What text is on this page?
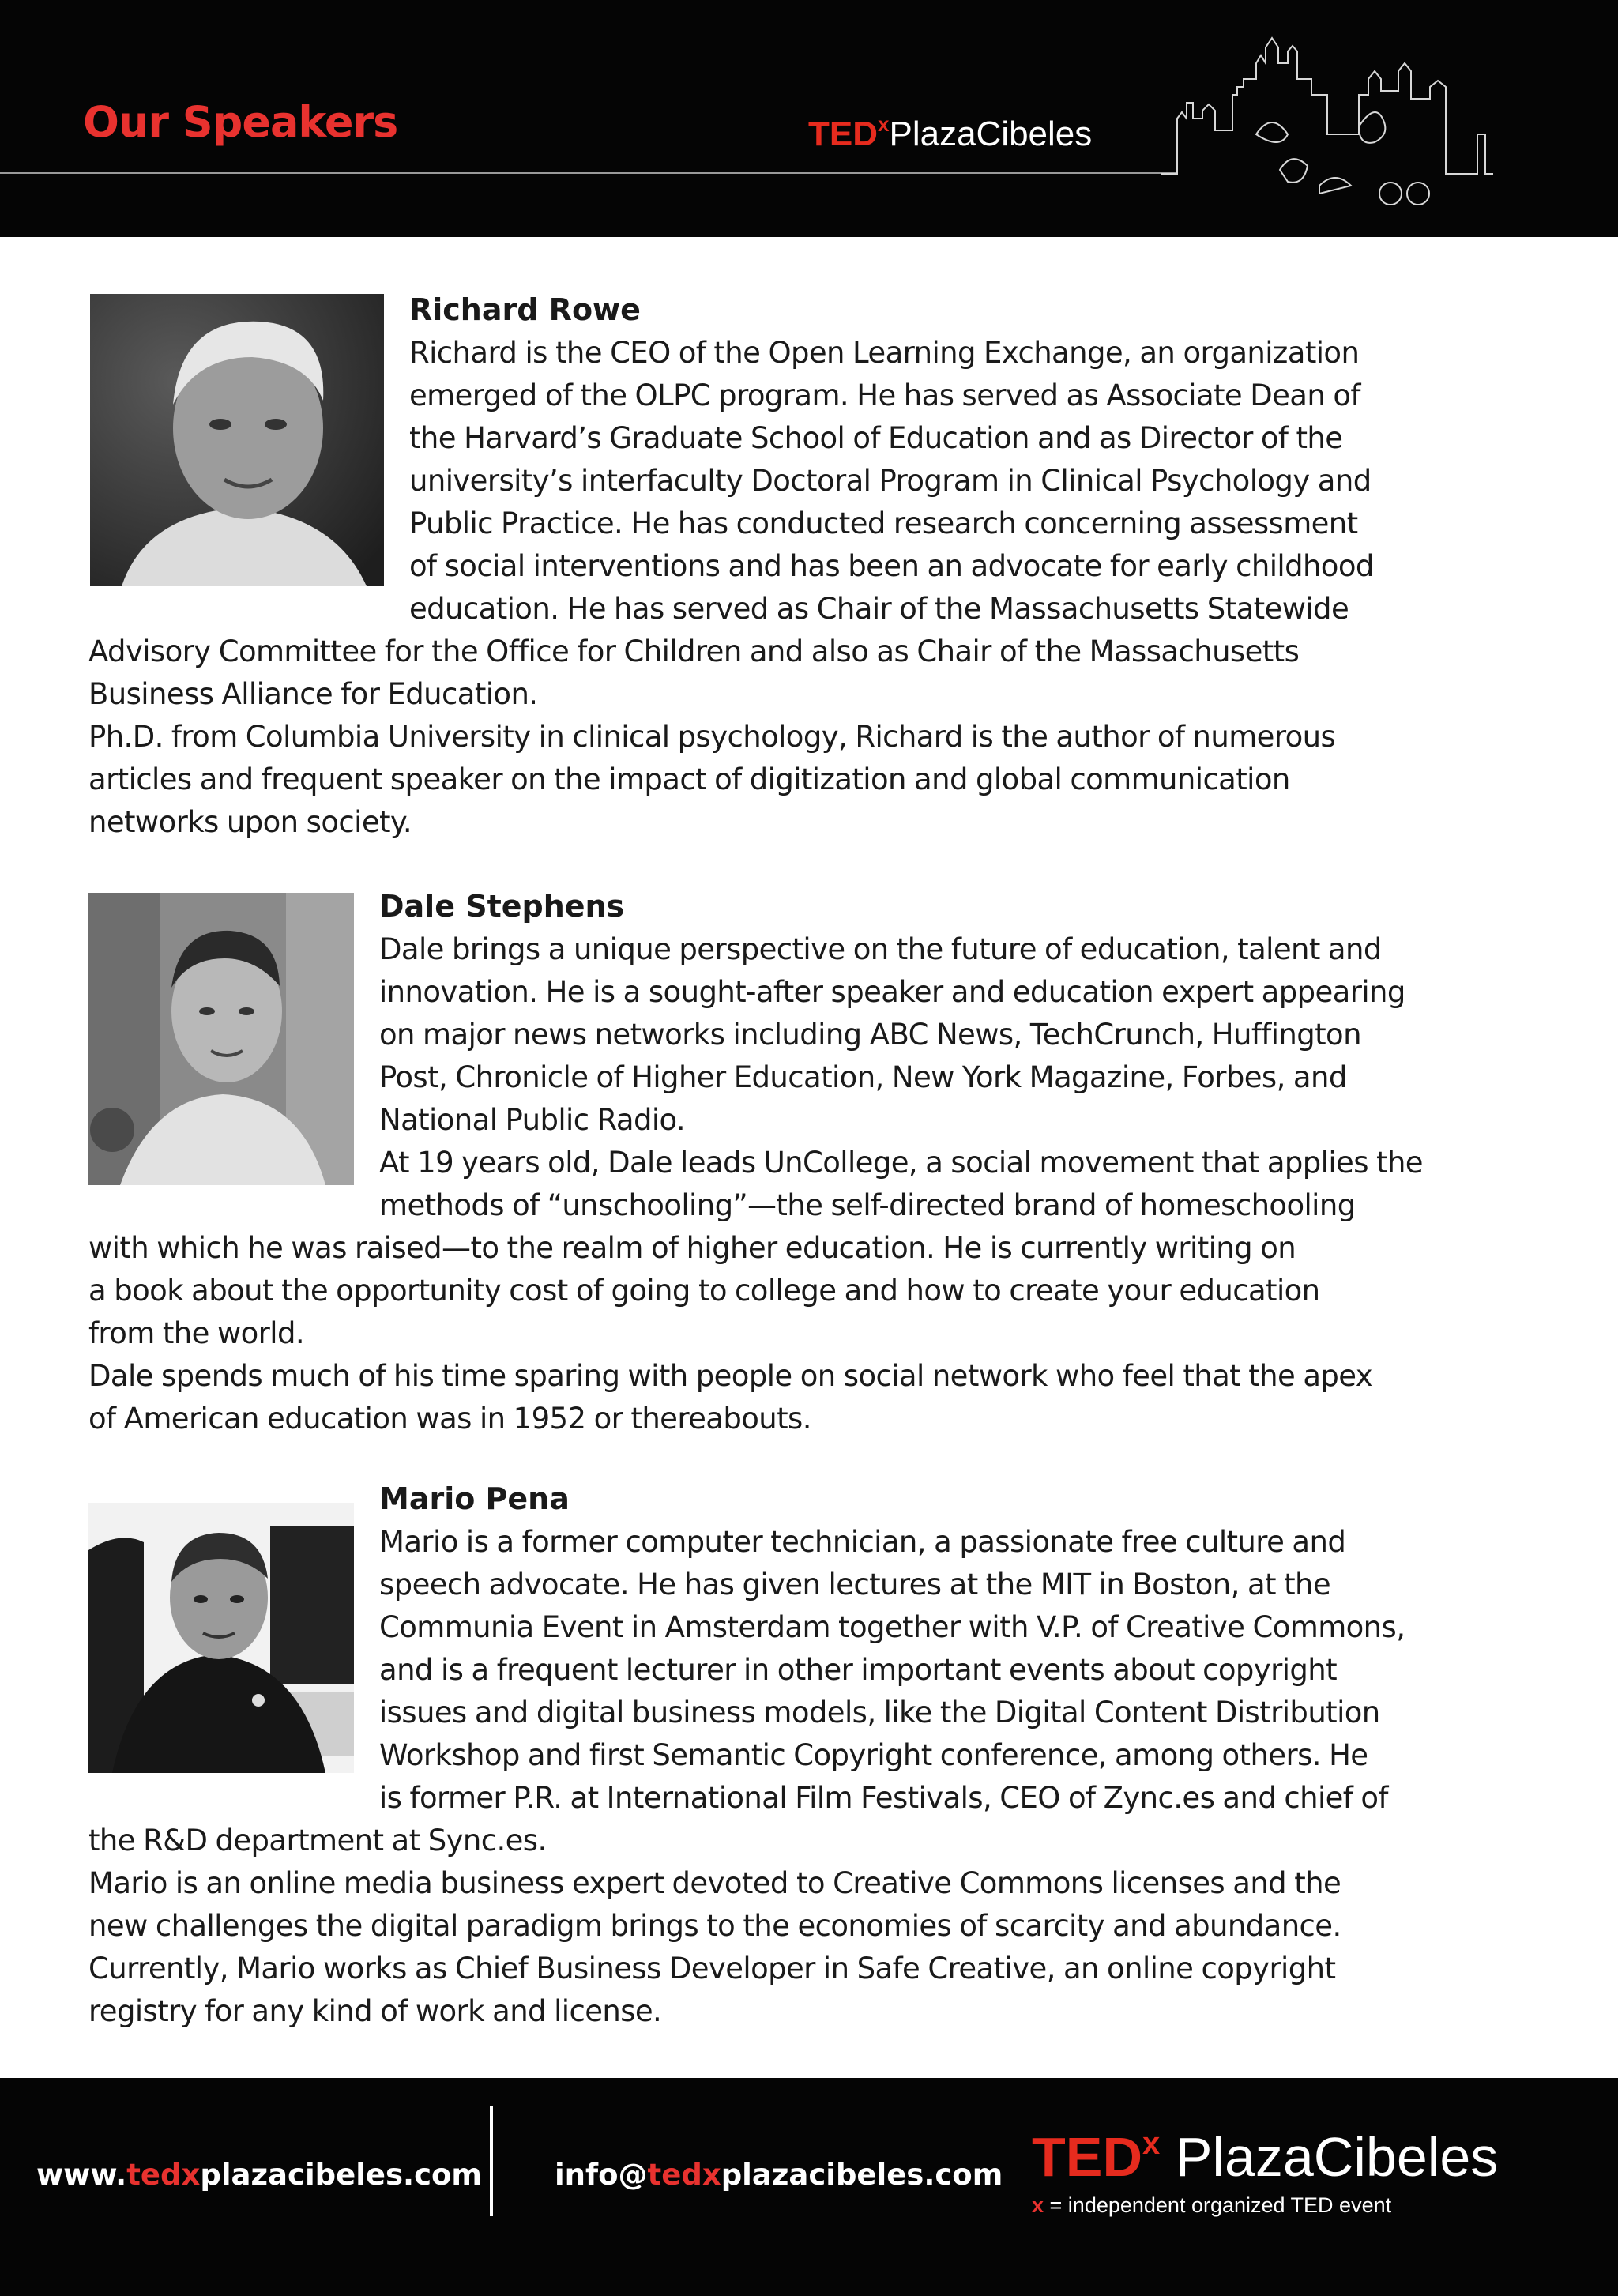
Our Speakers	TEDxPlazaCibeles
Richard Rowe
Richard is the CEO of the Open Learning Exchange, an organization
emerged of the OLPC program. He has served as Associate Dean of
the Harvard’s Graduate School of Education and as Director of the
university’s interfaculty Doctoral Program in Clinical Psychology and
Public Practice. He has conducted research concerning assessment
of social interventions and has been an advocate for early childhood
education. He has served as Chair of the Massachusetts Statewide
Advisory Committee for the Office for Children and also as Chair of the Massachusetts
Business Alliance for Education.
Ph.D. from Columbia University in clinical psychology, Richard is the author of numerous
articles and frequent speaker on the impact of digitization and global communication
networks upon society.
Dale Stephens
Dale brings a unique perspective on the future of education, talent and
innovation. He is a sought-after speaker and education expert appearing
on major news networks including ABC News, TechCrunch, Huffington
Post, Chronicle of Higher Education, New York Magazine, Forbes, and
National Public Radio.
At 19 years old, Dale leads UnCollege, a social movement that applies the
methods of “unschooling”—the self-directed brand of homeschooling
with which he was raised—to the realm of higher education. He is currently writing on
a book about the opportunity cost of going to college and how to create your education
from the world.
Dale spends much of his time sparing with people on social network who feel that the apex
of American education was in 1952 or thereabouts.
Mario Pena
Mario is a former computer technician, a passionate free culture and
speech advocate. He has given lectures at the MIT in Boston, at the
Communia Event in Amsterdam together with V.P. of Creative Commons,
and is a frequent lecturer in other important events about copyright
issues and digital business models, like the Digital Content Distribution
Workshop and first Semantic Copyright conference, among others. He
is former P.R. at International Film Festivals, CEO of Zync.es and chief of
the R&D department at Sync.es.
Mario is an online media business expert devoted to Creative Commons licenses and the
new challenges the digital paradigm brings to the economies of scarcity and abundance.
Currently, Mario works as Chief Business Developer in Safe Creative, an online copyright
registry for any kind of work and license.
www.tedxplazacibeles.com info@tedxplazacibeles.com TEDx PlazaCibeles
x = independent organized TED event
